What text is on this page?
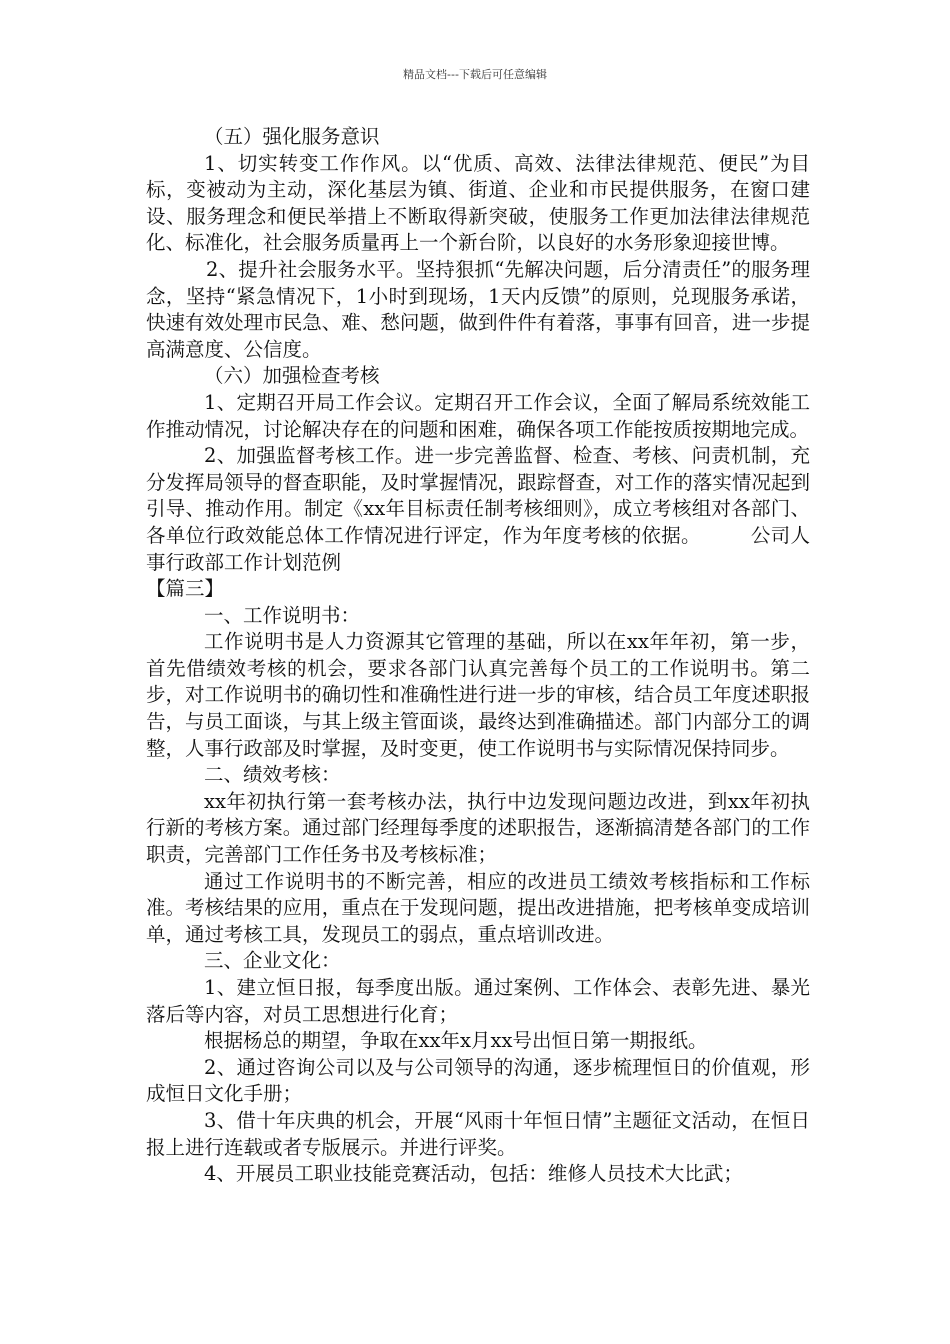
精品文档---下载后可任意编辑

（五）强化服务意识

1、切实转变工作作风。以“优质、高效、法律法律规范、便民”为目标，变被动为主动，深化基层为镇、街道、企业和市民提供服务，在窗口建设、服务理念和便民举措上不断取得新突破，使服务工作更加法律法律规范化、标准化，社会服务质量再上一个新台阶，以良好的水务形象迎接世博。

2、提升社会服务水平。坚持狠抓“先解决问题，后分清责任”的服务理念，坚持“紧急情况下，1小时到现场，1天内反馈”的原则，兑现服务承诺，快速有效处理市民急、难、愁问题，做到件件有着落，事事有回音，进一步提高满意度、公信度。

（六）加强检查考核

1、定期召开局工作会议。定期召开工作会议，全面了解局系统效能工作推动情况，讨论解决存在的问题和困难，确保各项工作能按质按期地完成。

2、加强监督考核工作。进一步完善监督、检查、考核、问责机制，充分发挥局领导的督查职能，及时掌握情况，跟踪督查，对工作的落实情况起到引导、推动作用。制定《xx年目标责任制考核细则》，成立考核组对各部门、各单位行政效能总体工作情况进行评定，作为年度考核的依据。	公司人事行政部工作计划范例

【篇三】

一、工作说明书：

工作说明书是人力资源其它管理的基础，所以在xx年年初，第一步，首先借绩效考核的机会，要求各部门认真完善每个员工的工作说明书。第二步，对工作说明书的确切性和准确性进行进一步的审核，结合员工年度述职报告，与员工面谈，与其上级主管面谈，最终达到准确描述。部门内部分工的调整，人事行政部及时掌握，及时变更，使工作说明书与实际情况保持同步。

二、绩效考核：

xx年初执行第一套考核办法，执行中边发现问题边改进，到xx年初执行新的考核方案。通过部门经理每季度的述职报告，逐渐搞清楚各部门的工作职责，完善部门工作任务书及考核标准；

通过工作说明书的不断完善，相应的改进员工绩效考核指标和工作标准。考核结果的应用，重点在于发现问题，提出改进措施，把考核单变成培训单，通过考核工具，发现员工的弱点，重点培训改进。

三、企业文化：

1、建立恒日报，每季度出版。通过案例、工作体会、表彰先进、暴光落后等内容，对员工思想进行化育；

根据杨总的期望，争取在xx年x月xx号出恒日第一期报纸。

2、通过咨询公司以及与公司领导的沟通，逐步梳理恒日的价值观，形成恒日文化手册；

3、借十年庆典的机会，开展“风雨十年恒日情”主题征文活动，在恒日报上进行连载或者专版展示。并进行评奖。

4、开展员工职业技能竞赛活动，包括：维修人员技术大比武；
